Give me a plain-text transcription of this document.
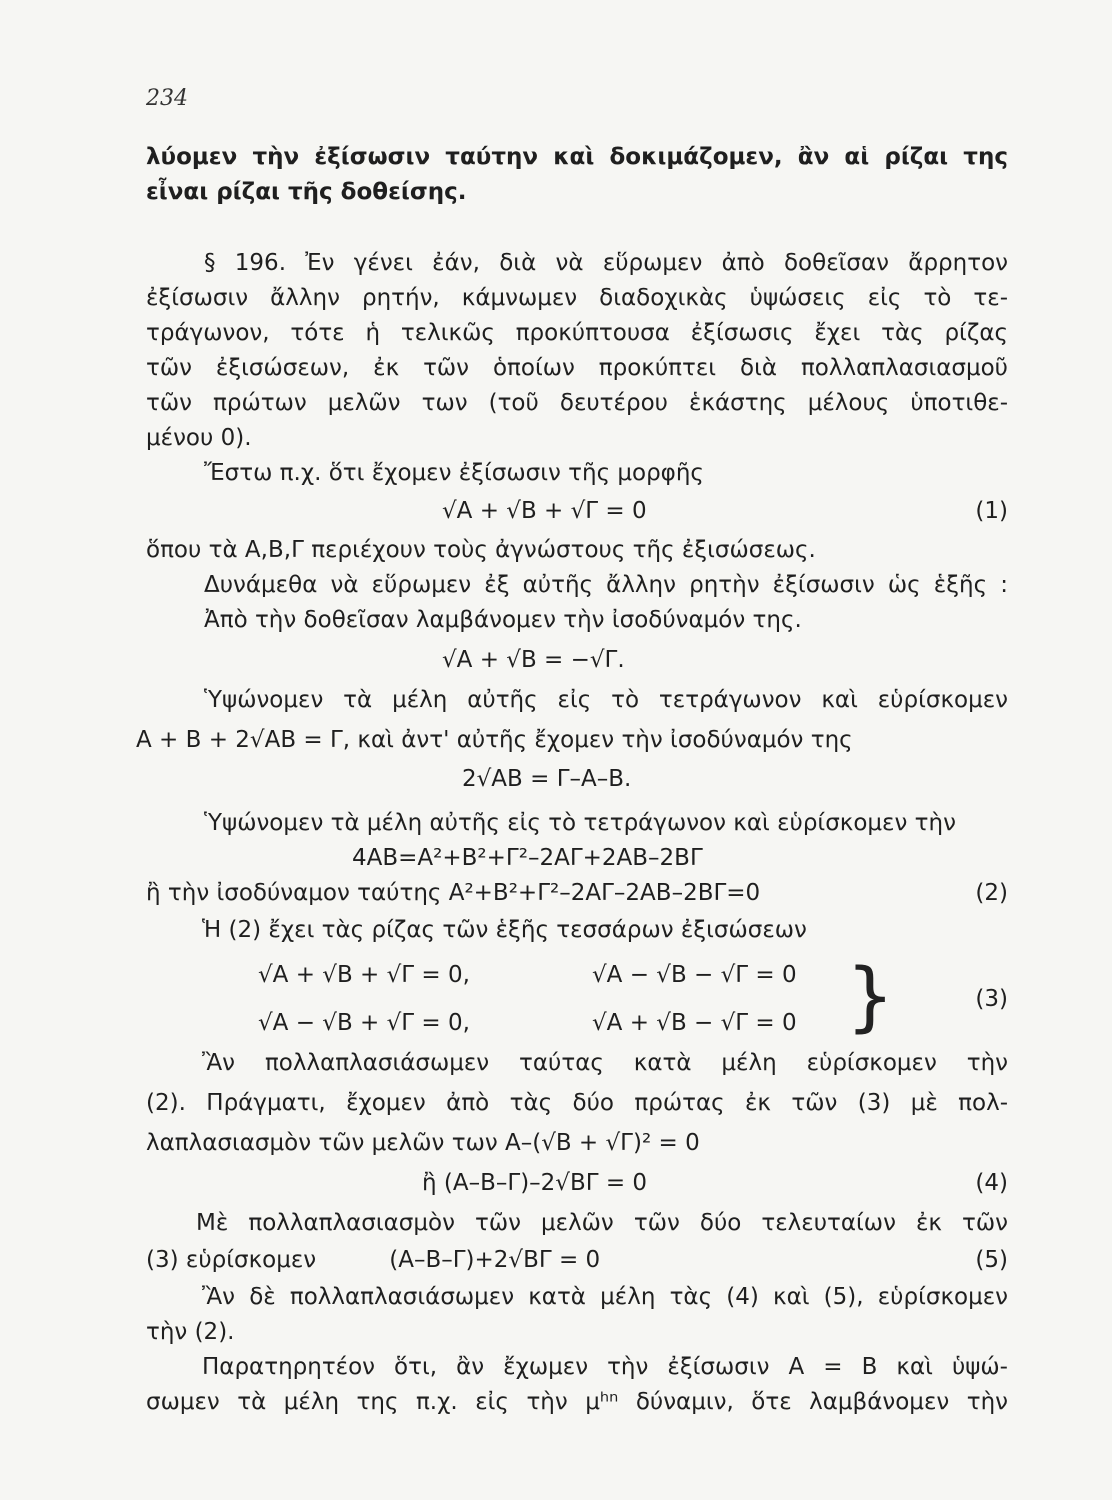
234
λύομεν τὴν ἐξίσωσιν ταύτην καὶ δοκιμάζομεν, ἂν αἱ ρίζαι της
εἶναι ρίζαι τῆς δοθείσης.
§ 196. Ἐν γένει ἐάν, διὰ νὰ εὕρωμεν ἀπὸ δοθεῖσαν ἄρρητον
ἐξίσωσιν ἄλλην ρητήν, κάμνωμεν διαδοχικὰς ὑψώσεις εἰς τὸ τε-
τράγωνον, τότε ἡ τελικῶς προκύπτουσα ἐξίσωσις ἔχει τὰς ρίζας
τῶν ἐξισώσεων, ἐκ τῶν ὁποίων προκύπτει διὰ πολλαπλασιασμοῦ
τῶν πρώτων μελῶν των (τοῦ δευτέρου ἑκάστης μέλους ὑποτιθε-
μένου 0).
Ἔστω π.χ. ὅτι ἔχομεν ἐξίσωσιν τῆς μορφῆς
√A + √B + √Γ = 0	(1)
ὅπου τὰ Α,Β,Γ περιέχουν τοὺς ἀγνώστους τῆς ἐξισώσεως.
Δυνάμεθα νὰ εὕρωμεν ἐξ αὐτῆς ἄλλην ρητὴν ἐξίσωσιν ὡς ἑξῆς :
Ἀπὸ τὴν δοθεῖσαν λαμβάνομεν τὴν ἰσοδύναμόν της.
√A + √B = −√Γ.
Ὑψώνομεν τὰ μέλη αὐτῆς εἰς τὸ τετράγωνον καὶ εὑρίσκομεν
A + B + 2√AB = Γ, καὶ ἀντ' αὐτῆς ἔχομεν τὴν ἰσοδύναμόν της
2√AB = Γ–A–B.
Ὑψώνομεν τὰ μέλη αὐτῆς εἰς τὸ τετράγωνον καὶ εὑρίσκομεν τὴν
4AB=A²+B²+Γ²–2AΓ+2AB–2BΓ
ἢ τὴν ἰσοδύναμον ταύτης A²+B²+Γ²–2AΓ–2AB–2BΓ=0	(2)
Ἡ (2) ἔχει τὰς ρίζας τῶν ἑξῆς τεσσάρων ἐξισώσεων
√A + √B + √Γ = 0,	√A − √B − √Γ = 0
√A − √B + √Γ = 0,	√A + √B − √Γ = 0 }	(3)
Ἂν πολλαπλασιάσωμεν ταύτας κατὰ μέλη εὑρίσκομεν τὴν
(2). Πράγματι, ἔχομεν ἀπὸ τὰς δύο πρώτας ἐκ τῶν (3) μὲ πολ-
λαπλασιασμὸν τῶν μελῶν των A–(√B + √Γ)² = 0
ἢ (A–B–Γ)–2√BΓ = 0	(4)
Μὲ πολλαπλασιασμὸν τῶν μελῶν τῶν δύο τελευταίων ἐκ τῶν
(3) εὑρίσκομεν          (A–B–Γ)+2√BΓ = 0	(5)
Ἂν δὲ πολλαπλασιάσωμεν κατὰ μέλη τὰς (4) καὶ (5), εὑρίσκομεν
τὴν (2).
Παρατηρητέον ὅτι, ἂν ἔχωμεν τὴν ἐξίσωσιν A = B καὶ ὑψώ-
σωμεν τὰ μέλη της π.χ. εἰς τὴν μʰⁿ δύναμιν, ὅτε λαμβάνομεν τὴν
